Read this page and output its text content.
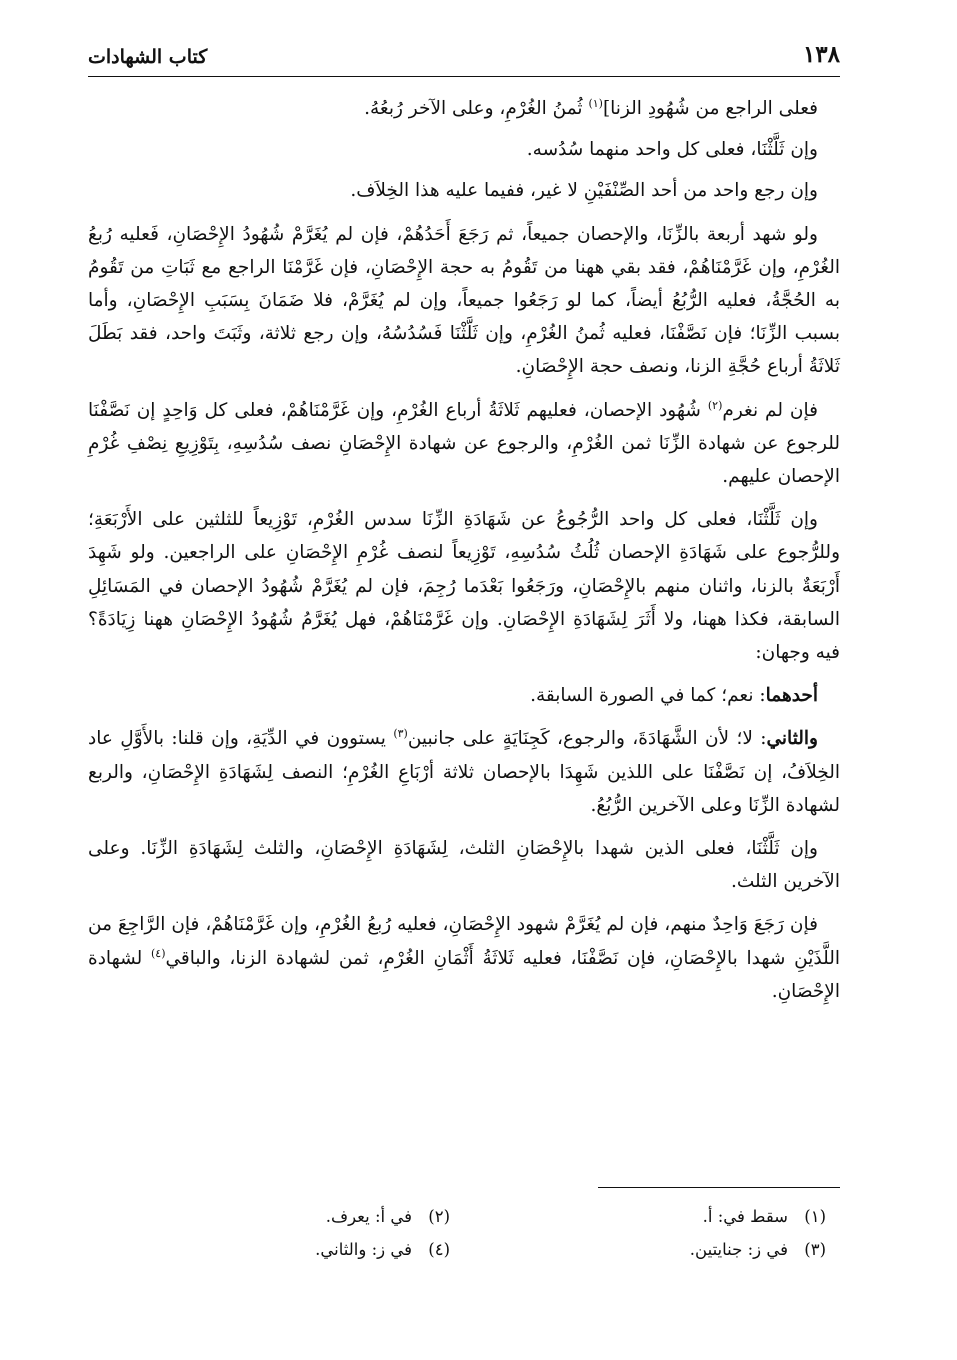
١٣٨
كتاب الشهادات

فعلى الراجع من شُهُودِ الزنا]$^{(١)}$ ثُمنُ الغُرْمِ، وعلى الآخر رُبعُهُ.

وإن ثَلَّثْنَا، فعلى كل واحد منهما سُدُسه.

وإن رجع واحد من أحد الصِّنْفَيْنِ لا غير، ففيما عليه هذا الخِلاَف.

ولو شهد أربعة بالزِّنَا، والإحصان جميعاً، ثم رَجَعَ أَحَدُهُمْ، فإن لم يُغَرَّمْ شُهُودُ الإِحْصَانِ، فَعليه رُبعُ الغُرْمِ، وإن غَرَّمْنَاهُمْ، فقد بقي ههنا من تَقُومُ به حجة الإِحْصَانِ، فإن غَرَّمْنَا الراجع مع ثَبَاتِ من تَقُومُ به الحُجَّةُ، فعليه الرُّبُعُ أيضاً، كما لو رَجَعُوا جميعاً، وإن لم يُغَرَّمْ، فلا ضَمَانَ بِسَبَبِ الإِحْصَانِ، وأما بسبب الزِّنَا؛ فإن نَصَّفْنَا، فعليه ثُمنُ الغُرْمِ، وإن ثَلَّثْنَا فَسُدُسُهُ، وإن رجع ثلاثة، وثَبَتَ واحد، فقد بَطَلَ ثَلاثَةُ أرباع حُجَّةِ الزنا، ونصف حجة الإِحْصَانِ.

فإن لم نغرم$^{(٢)}$ شُهُود الإحصان، فعليهم ثَلاثَةُ أرباع الغُرْمِ، وإن غَرَّمْنَاهُمْ، فعلى كل وَاحِدٍ إن نَصَّفْنَا للرجوع عن شهادة الزِّنَا ثمن الغُرْمِ، والرجوع عن شهادة الإِحْصَانِ نصف سُدُسِهِ، بِتَوْزِيعِ نِصْفِ غُرْمِ الإحصان عليهم.

وإن ثَلَّثْنَا، فعلى كل واحد الرُّجُوعُ عن شَهَادَةِ الزِّنَا سدس الغُرْمِ، تَوْزِيعاً للثلثين على الأَرْبَعَةِ؛ وللرُّجوع على شَهَادَةِ الإحصان ثُلُثُ سُدُسِهِ، تَوْزِيعاً لنصف غُرْمِ الإِحْصَانِ على الراجعين. ولو شَهِدَ أَرْبَعَةٌ بالزنا، واثنان منهم بالإِحْصَانِ، ورَجَعُوا بَعْدَما رُجِمَ، فإن لم يُغَرَّمْ شُهُودُ الإحصان في المَسَائِلِ السابقة، فكذا ههنا، ولا أَثَرَ لِشَهَادَةِ الإِحْصَانِ. وإن غَرَّمْنَاهُمْ، فهل يُغَرَّمُ شُهُودُ الإِحْصَانِ ههنا زِيَادَةً؟ فيه وجهان:

أحدهما: نعم؛ كما في الصورة السابقة.

والثاني: لا؛ لأن الشَّهَادَةَ، والرجوع، كَجِنَايَةٍ على جانبين$^{(٣)}$ يستوون في الدِّيَةِ، وإن قلنا: بالأَوَّلِ عاد الخِلاَفُ، إن نَصَّفْنَا على اللذين شَهِدَا بالإحصان ثلاثة أرْبَاعِ الغُرْمِ؛ النصف لِشَهَادَةِ الإِحْصَانِ، والربع لشهادة الزِّنَا وعلى الآخرين الرُّبُعُ.

وإن ثَلَّثْنَا، فعلى الذين شهدا بالإِحْصَانِ الثلث، لِشَهَادَةِ الإِحْصَانِ، والثلث لِشَهَادَةِ الزِّنَا. وعلى الآخرين الثلث.

فإن رَجَعَ وَاحِدٌ منهم، فإن لم يُغَرَّمْ شهود الإِحْصَانِ، فعليه رُبعُ الغُرْمِ، وإن غَرَّمْنَاهُمْ، فإن الرَّاجِعَ من اللَّذَيْنِ شهدا بالإِحْصَانِ، فإن نَصَّفْنَا، فعليه ثَلاثَةُ أَثْمَانِ الغُرْمِ، ثمن لشهادة الزنا، والباقي$^{(٤)}$ لشهادة الإِحْصَانِ.

(١)سقط في: أ.
(٢)في أ: يعرف.
(٣)في ز: جنايتين.
(٤)في ز: والثاني.
